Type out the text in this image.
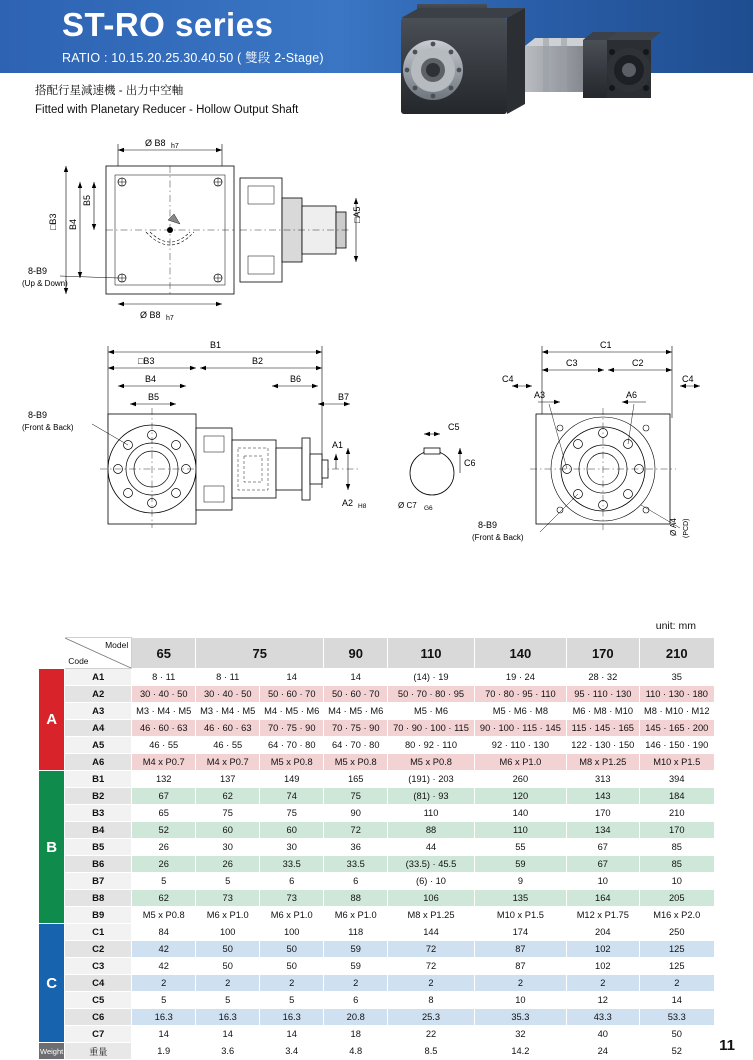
ST-RO series
RATIO : 10.15.20.25.30.40.50 ( 雙段 2-Stage)
搭配行星減速機 - 出力中空軸
Fitted with Planetary Reducer - Hollow Output Shaft
Ø B8 h7
□A5
□B3 B4
B5
Ø B8 h7
8-B9
(Up & Down)
B1
□B3	B2
B4	B6
B5	B7
A1
A2 H8
8-B9
(Front & Back)	C5
C6
Ø C7 G6
C1
C3	C2
C4	C4
A3	A6
8-B9
(Front & Back)
Ø A4 (PCD)
unit: mm

	Model
Code	65	75		90	110	140	170	210
A	A1	8 · 11	8 · 11	14	14	(14) · 19	19 · 24	28 · 32	35
	A2	30 · 40 · 50	30 · 40 · 50	50 · 60 · 70	50 · 60 · 70	50 · 70 · 80 · 95	70 · 80 · 95 · 110	95 · 110 · 130	110 · 130 · 180
	A3	M3 · M4 · M5	M3 · M4 · M5	M4 · M5 · M6	M4 · M5 · M6	M5 · M6	M5 · M6 · M8	M6 · M8 · M10	M8 · M10 · M12
	A4	46 · 60 · 63	46 · 60 · 63	70 · 75 · 90	70 · 75 · 90	70 · 90 · 100 · 115	90 · 100 · 115 · 145	115 · 145 · 165	145 · 165 · 200
	A5	46 · 55	46 · 55	64 · 70 · 80	64 · 70 · 80	80 · 92 · 110	92 · 110 · 130	122 · 130 · 150	146 · 150 · 190
	A6	M4 x P0.7	M4 x P0.7	M5 x P0.8	M5 x P0.8	M5 x P0.8	M6 x P1.0	M8 x P1.25	M10 x P1.5
B	B1	132	137	149	165	(191) · 203	260	313	394
	B2	67	62	74	75	(81) · 93	120	143	184
	B3	65	75	75	90	110	140	170	210
	B4	52	60	60	72	88	110	134	170
	B5	26	30	30	36	44	55	67	85
	B6	26	26	33.5	33.5	(33.5) · 45.5	59	67	85
	B7	5	5	6	6	(6) · 10	9	10	10
	B8	62	73	73	88	106	135	164	205
	B9	M5 x P0.8	M6 x P1.0	M6 x P1.0	M6 x P1.0	M8 x P1.25	M10 x P1.5	M12 x P1.75	M16 x P2.0
C	C1	84	100	100	118	144	174	204	250
	C2	42	50	50	59	72	87	102	125
	C3	42	50	50	59	72	87	102	125
	C4	2	2	2	2	2	2	2	2
	C5	5	5	5	6	8	10	12	14
	C6	16.3	16.3	16.3	20.8	25.3	35.3	43.3	53.3
	C7	14	14	14	18	22	32	40	50
Weight	重量	1.9	3.6	3.4	4.8	8.5	14.2	24	52 11
